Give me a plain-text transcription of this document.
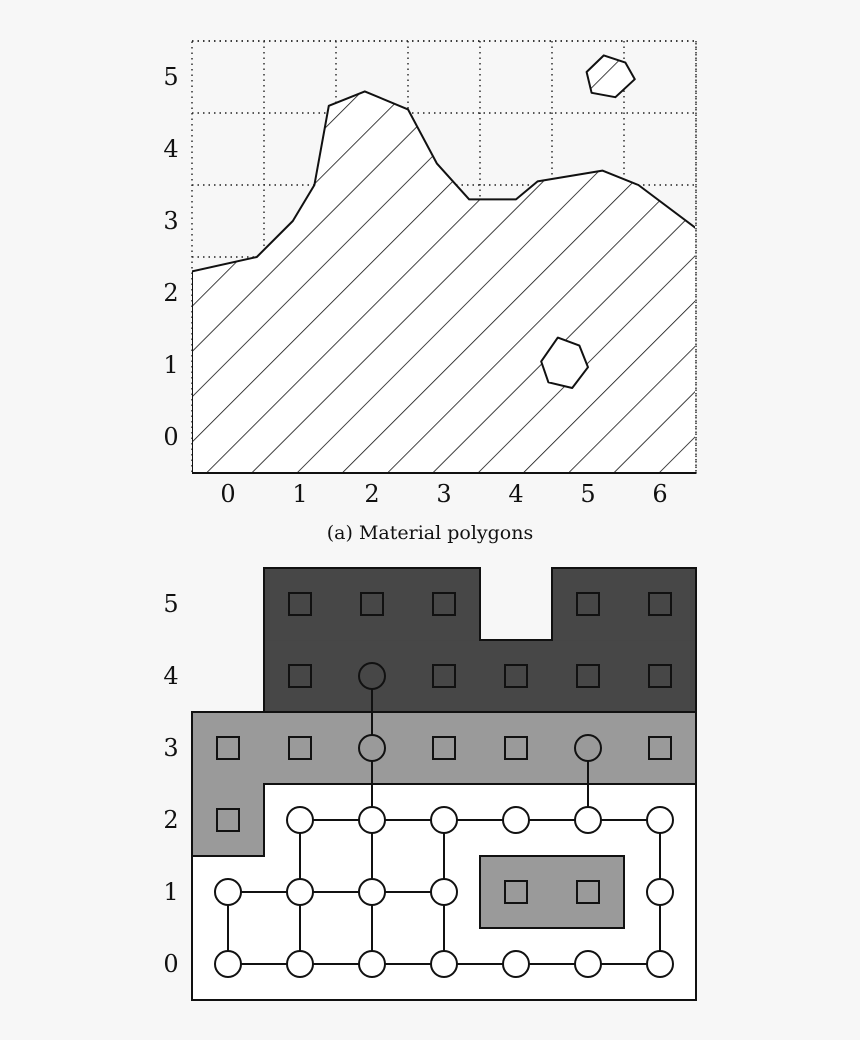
0 1 2 3 4 5 6
0
1
2
3
4
5
(a) Material polygons
0
1
2
3
4
5
